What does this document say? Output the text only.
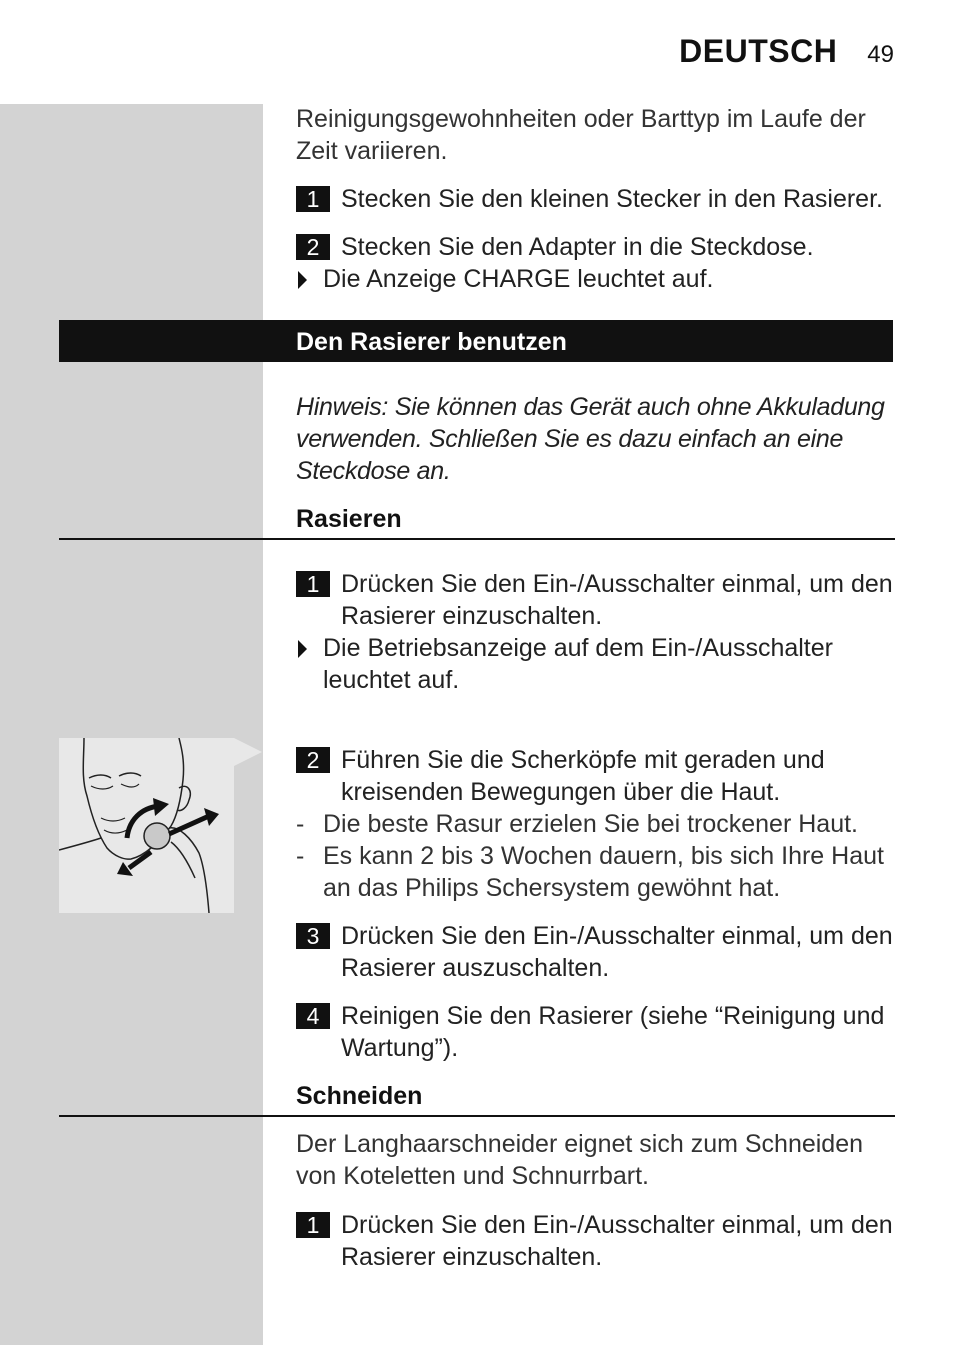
DEUTSCH 49

Reinigungsgewohnheiten oder Barttyp im Laufe der Zeit variieren.

1 Stecken Sie den kleinen Stecker in den Rasierer.
2 Stecken Sie den Adapter in die Steckdose.
Die Anzeige CHARGE leuchtet auf.
Den Rasierer benutzen

Hinweis: Sie können das Gerät auch ohne Akkuladung verwenden. Schließen Sie es dazu einfach an eine Steckdose an.

Rasieren
1 Drücken Sie den Ein-/Ausschalter einmal, um den Rasierer einzuschalten.
Die Betriebsanzeige auf dem Ein-/Ausschalter leuchtet auf.
2 Führen Sie die Scherköpfe mit geraden und kreisenden Bewegungen über die Haut.
- Die beste Rasur erzielen Sie bei trockener Haut.
- Es kann 2 bis 3 Wochen dauern, bis sich Ihre Haut an das Philips Schersystem gewöhnt hat.
3 Drücken Sie den Ein-/Ausschalter einmal, um den Rasierer auszuschalten.
4 Reinigen Sie den Rasierer (siehe “Reinigung und Wartung”).
Schneiden

Der Langhaarschneider eignet sich zum Schneiden von Koteletten und Schnurrbart.

1 Drücken Sie den Ein-/Ausschalter einmal, um den Rasierer einzuschalten.
